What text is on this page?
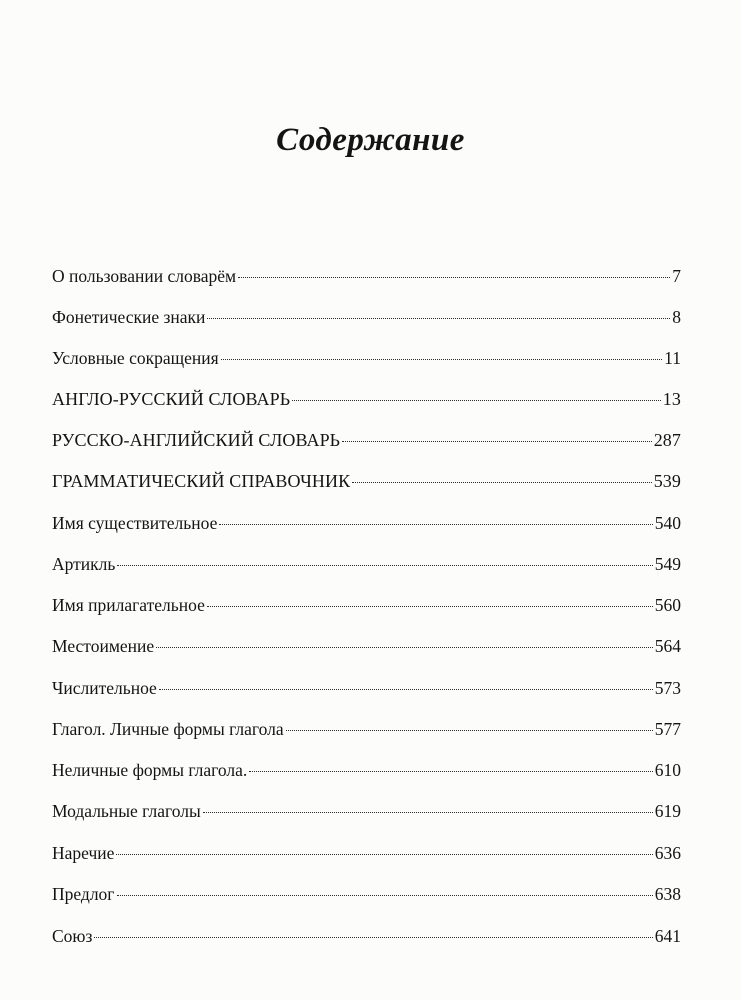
Содержание
О пользовании словарём	7
Фонетические знаки	8
Условные сокращения	11
АНГЛО-РУССКИЙ СЛОВАРЬ	13
РУССКО-АНГЛИЙСКИЙ СЛОВАРЬ	287
ГРАММАТИЧЕСКИЙ СПРАВОЧНИК	539
Имя существительное	540
Артикль	549
Имя прилагательное	560
Местоимение	564
Числительное	573
Глагол. Личные формы глагола	577
Неличные формы глагола.	610
Модальные глаголы	619
Наречие	636
Предлог	638
Союз	641
